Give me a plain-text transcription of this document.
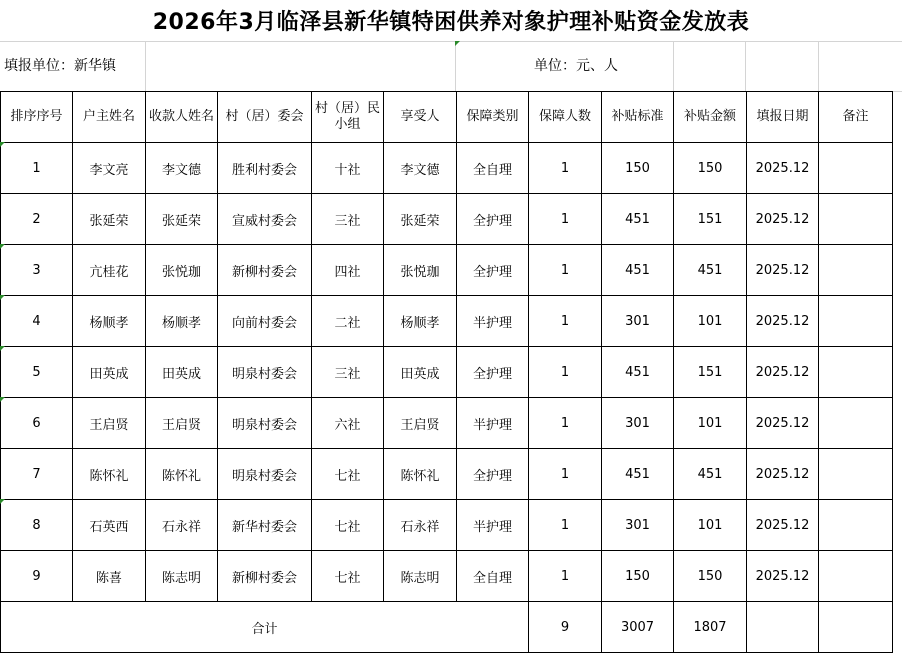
2026年3月临泽县新华镇特困供养对象护理补贴资金发放表
填报单位：新华镇	单位：元、人
排序序号	户主姓名	收款人姓名	村（居）委会	村（居）民小组	享受人	保障类别	保障人数	补贴标准	补贴金额	填报日期	备注
1	李文亮	李文德	胜利村委会	十社	李文德	全自理	1	150	150	2025.12	
2	张延荣	张延荣	宣威村委会	三社	张延荣	全护理	1	451	151	2025.12	
3	亢桂花	张悦珈	新柳村委会	四社	张悦珈	全护理	1	451	451	2025.12	
4	杨顺孝	杨顺孝	向前村委会	二社	杨顺孝	半护理	1	301	101	2025.12	
5	田英成	田英成	明泉村委会	三社	田英成	全护理	1	451	151	2025.12	
6	王启贤	王启贤	明泉村委会	六社	王启贤	半护理	1	301	101	2025.12	
7	陈怀礼	陈怀礼	明泉村委会	七社	陈怀礼	全护理	1	451	451	2025.12	
8	石英西	石永祥	新华村委会	七社	石永祥	半护理	1	301	101	2025.12	
9	陈喜	陈志明	新柳村委会	七社	陈志明	全自理	1	150	150	2025.12	
合计							9	3007	1807		
